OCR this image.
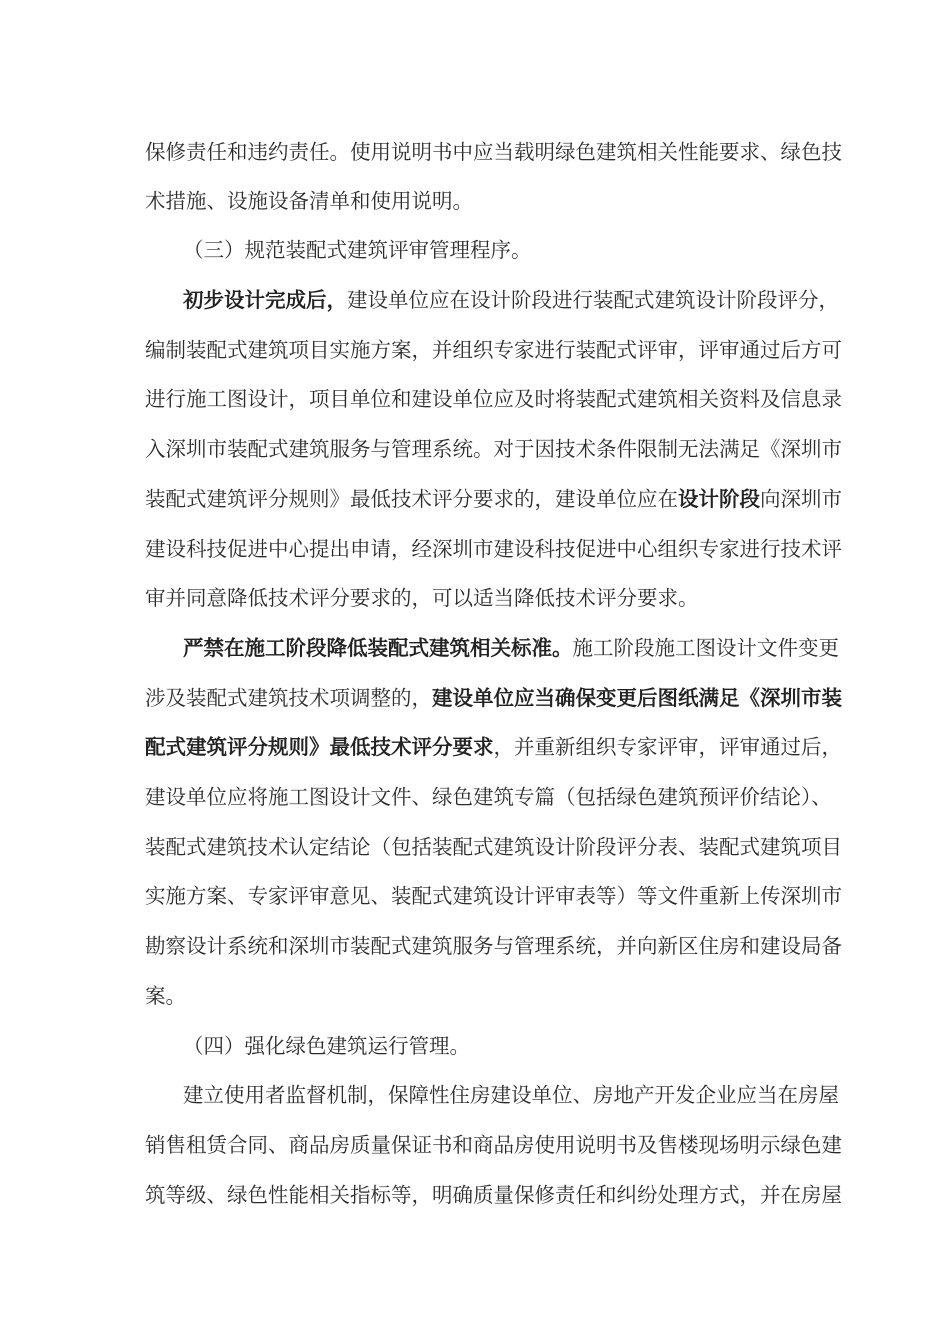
保修责任和违约责任。使用说明书中应当载明绿色建筑相关性能要求、绿色技
术措施、设施设备清单和使用说明。
（三）规范装配式建筑评审管理程序。
初步设计完成后，建设单位应在设计阶段进行装配式建筑设计阶段评分，
编制装配式建筑项目实施方案，并组织专家进行装配式评审，评审通过后方可
进行施工图设计，项目单位和建设单位应及时将装配式建筑相关资料及信息录
入深圳市装配式建筑服务与管理系统。对于因技术条件限制无法满足《深圳市
装配式建筑评分规则》最低技术评分要求的，建设单位应在设计阶段向深圳市
建设科技促进中心提出申请，经深圳市建设科技促进中心组织专家进行技术评
审并同意降低技术评分要求的，可以适当降低技术评分要求。
严禁在施工阶段降低装配式建筑相关标准。施工阶段施工图设计文件变更
涉及装配式建筑技术项调整的，建设单位应当确保变更后图纸满足《深圳市装
配式建筑评分规则》最低技术评分要求，并重新组织专家评审，评审通过后，
建设单位应将施工图设计文件、绿色建筑专篇（包括绿色建筑预评价结论）、
装配式建筑技术认定结论（包括装配式建筑设计阶段评分表、装配式建筑项目
实施方案、专家评审意见、装配式建筑设计评审表等）等文件重新上传深圳市
勘察设计系统和深圳市装配式建筑服务与管理系统，并向新区住房和建设局备
案。
（四）强化绿色建筑运行管理。
建立使用者监督机制，保障性住房建设单位、房地产开发企业应当在房屋
销售租赁合同、商品房质量保证书和商品房使用说明书及售楼现场明示绿色建
筑等级、绿色性能相关指标等，明确质量保修责任和纠纷处理方式，并在房屋
